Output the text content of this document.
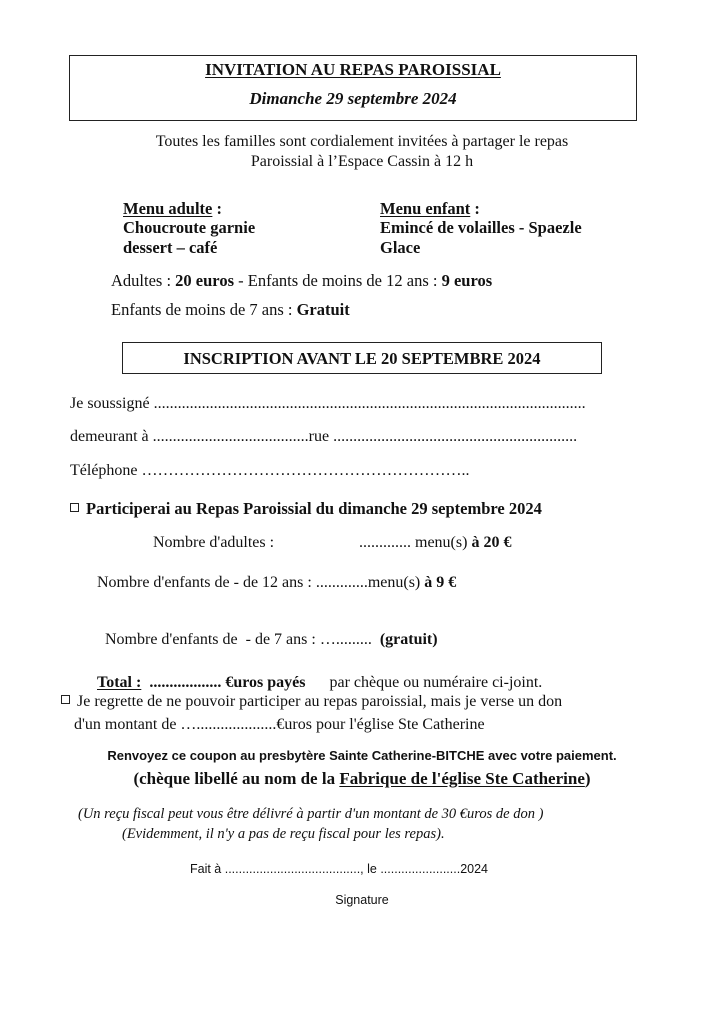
INVITATION AU REPAS PAROISSIAL
Dimanche 29 septembre 2024
Toutes les familles sont cordialement invitées à partager le repas
Paroissial à l’Espace Cassin à 12 h
Menu adulte :
Choucroute garnie
dessert – café
Menu enfant :
Emincé de volailles - Spaezle
Glace
Adultes : 20 euros - Enfants de moins de 12 ans : 9 euros
Enfants de moins de 7 ans : Gratuit
INSCRIPTION AVANT LE 20 SEPTEMBRE 2024
Je soussigné ............................................................................................................
demeurant à .......................................rue .............................................................
Téléphone ……………………………………………………..
Participerai au Repas Paroissial du dimanche 29 septembre 2024
Nombre d'adultes :	............. menu(s) à 20 €
Nombre d'enfants de - de 12 ans : .............menu(s) à 9 €

Nombre d'enfants de  - de 7 ans : …......... (gratuit)

Total : .................. €uros payés par chèque ou numéraire ci-joint.

Je regrette de ne pouvoir participer au repas paroissial, mais je verse un don
d'un montant de …....................€uros pour l'église Ste Catherine
Renvoyez ce coupon au presbytère Sainte Catherine-BITCHE avec votre paiement.
(chèque libellé au nom de la Fabrique de l'église Ste Catherine)
(Un reçu fiscal peut vous être délivré à partir d'un montant de 30 €uros de don )
(Evidemment, il n'y a pas de reçu fiscal pour les repas).
Fait à ......................................., le .......................2024
Signature
